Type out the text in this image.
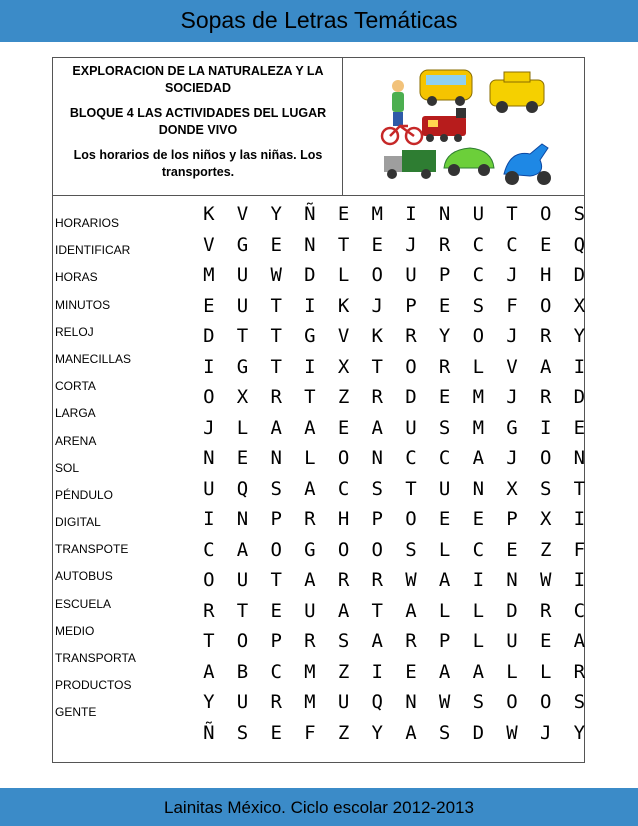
Sopas de Letras Temáticas

EXPLORACION DE LA NATURALEZA Y LA SOCIEDAD

BLOQUE 4 LAS ACTIVIDADES DEL LUGAR DONDE VIVO

Los horarios de los niños y las niñas. Los transportes.

HORARIOS
IDENTIFICAR
HORAS
MINUTOS
RELOJ
MANECILLAS
CORTA
LARGA
ARENA
SOL
PÉNDULO
DIGITAL
TRANSPOTE
AUTOBUS
ESCUELA
MEDIO
TRANSPORTA
PRODUCTOS
GENTE
K	V	Y	Ñ	E	M	I	N	U	T	O	S
V	G	E	N	T	E	J	R	C	C	E	Q
M	U	W	D	L	O	U	P	C	J	H	D
E	U	T	I	K	J	P	E	S	F	O	X
D	T	T	G	V	K	R	Y	O	J	R	Y
I	G	T	I	X	T	O	R	L	V	A	I
O	X	R	T	Z	R	D	E	M	J	R	D
J	L	A	A	E	A	U	S	M	G	I	E
N	E	N	L	O	N	C	C	A	J	O	N
U	Q	S	A	C	S	T	U	N	X	S	T
I	N	P	R	H	P	O	E	E	P	X	I
C	A	O	G	O	O	S	L	C	E	Z	F
O	U	T	A	R	R	W	A	I	N	W	I
R	T	E	U	A	T	A	L	L	D	R	C
T	O	P	R	S	A	R	P	L	U	E	A
A	B	C	M	Z	I	E	A	A	L	L	R
Y	U	R	M	U	Q	N	W	S	O	O	S
Ñ	S	E	F	Z	Y	A	S	D	W	J	Y
Lainitas México. Ciclo escolar 2012-2013
